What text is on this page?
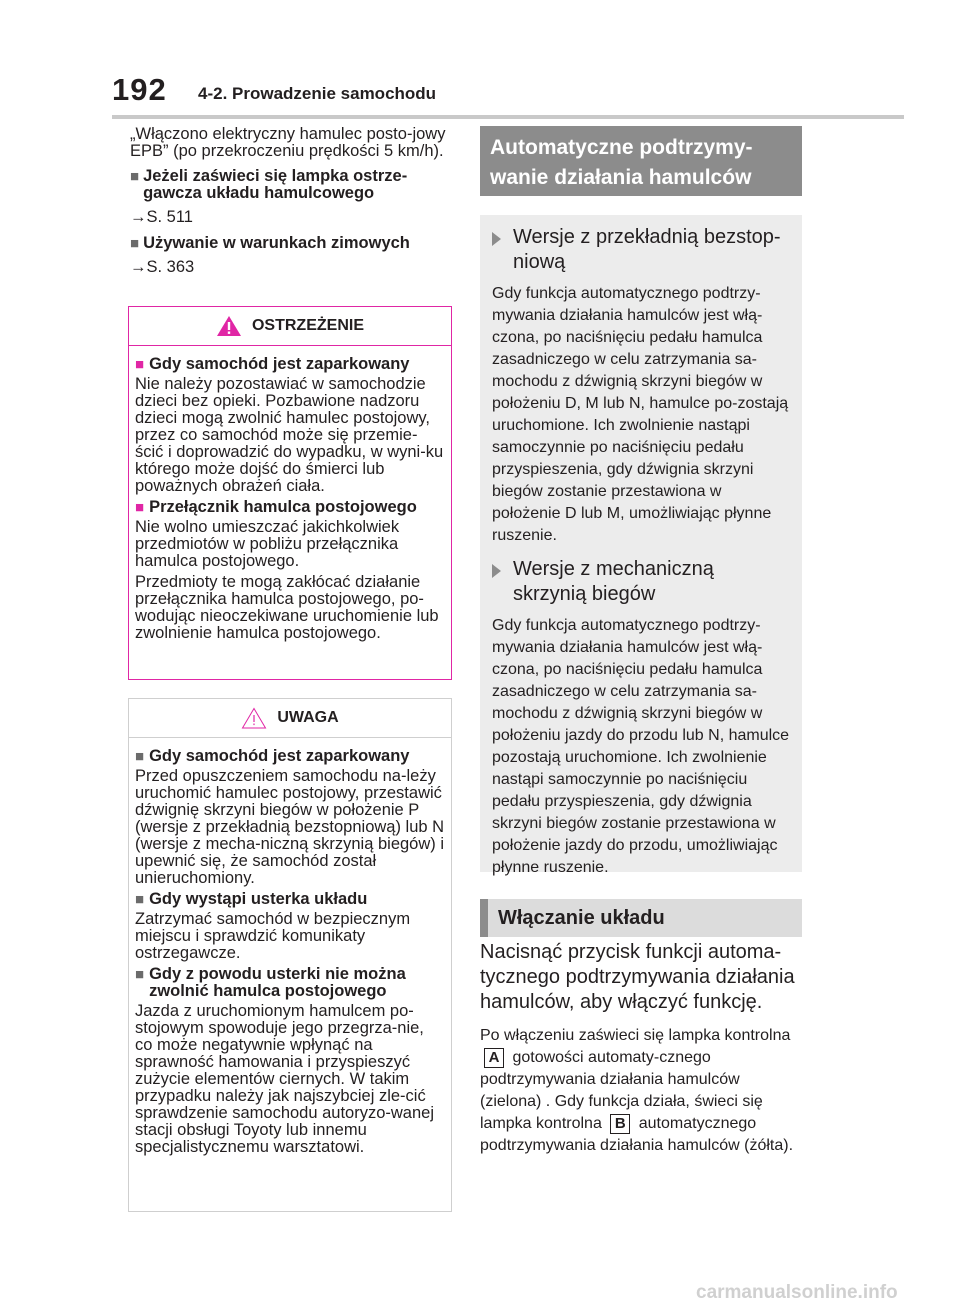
192 4-2. Prowadzenie samochodu

„Włączono elektryczny hamulec posto-jowy EPB” (po przekroczeniu prędkości 5 km/h).

■ Jeżeli zaświeci się lampka ostrze-gawcza układu hamulcowego
→S. 511
■ Używanie w warunkach zimowych
→S. 363
OSTRZEŻENIE
■ Gdy samochód jest zaparkowany

Nie należy pozostawiać w samochodzie dzieci bez opieki. Pozbawione nadzoru dzieci mogą zwolnić hamulec postojowy, przez co samochód może się przemie-ścić i doprowadzić do wypadku, w wyni-ku którego może dojść do śmierci lub poważnych obrażeń ciała.

■ Przełącznik hamulca postojowego

Nie wolno umieszczać jakichkolwiek przedmiotów w pobliżu przełącznika hamulca postojowego.

Przedmioty te mogą zakłócać działanie przełącznika hamulca postojowego, po-wodując nieoczekiwane uruchomienie lub zwolnienie hamulca postojowego.

UWAGA
■ Gdy samochód jest zaparkowany

Przed opuszczeniem samochodu na-leży uruchomić hamulec postojowy, przestawić dźwignię skrzyni biegów w położenie P (wersje z przekładnią bezstopniową) lub N (wersje z mecha-niczną skrzynią biegów) i upewnić się, że samochód został unieruchomiony.

■ Gdy wystąpi usterka układu

Zatrzymać samochód w bezpiecznym miejscu i sprawdzić komunikaty ostrzegawcze.

■ Gdy z powodu usterki nie można zwolnić hamulca postojowego

Jazda z uruchomionym hamulcem po-stojowym spowoduje jego przegrza-nie, co może negatywnie wpłynąć na sprawność hamowania i przyspieszyć zużycie elementów ciernych. W takim przypadku należy jak najszybciej zle-cić sprawdzenie samochodu autoryzo-wanej stacji obsługi Toyoty lub innemu specjalistycznemu warsztatowi.

Automatyczne podtrzymy-wanie działania hamulców
Wersje z przekładnią bezstop-niową

Gdy funkcja automatycznego podtrzy-mywania działania hamulców jest włą-czona, po naciśnięciu pedału hamulca zasadniczego w celu zatrzymania sa-mochodu z dźwignią skrzyni biegów w położeniu D, M lub N, hamulce po-zostają uruchomione. Ich zwolnienie nastąpi samoczynnie po naciśnięciu pedału przyspieszenia, gdy dźwignia skrzyni biegów zostanie przestawiona w położenie D lub M, umożliwiając płynne ruszenie.

Wersje z mechaniczną skrzynią biegów

Gdy funkcja automatycznego podtrzy-mywania działania hamulców jest włą-czona, po naciśnięciu pedału hamulca zasadniczego w celu zatrzymania sa-mochodu z dźwignią skrzyni biegów w położeniu jazdy do przodu lub N, hamulce pozostają uruchomione. Ich zwolnienie nastąpi samoczynnie po naciśnięciu pedału przyspieszenia, gdy dźwignia skrzyni biegów zostanie przestawiona w położenie jazdy do przodu, umożliwiając płynne ruszenie.

Włączanie układu

Nacisnąć przycisk funkcji automa-tycznego podtrzymywania działania hamulców, aby włączyć funkcję.

Po włączeniu zaświeci się lampka kontrolna A gotowości automaty-cznego podtrzymywania działania hamulców (zielona) . Gdy funkcja działa, świeci się lampka kontrolna B automatycznego podtrzymywania działania hamulców (żółta).
carmanualsonline.info
